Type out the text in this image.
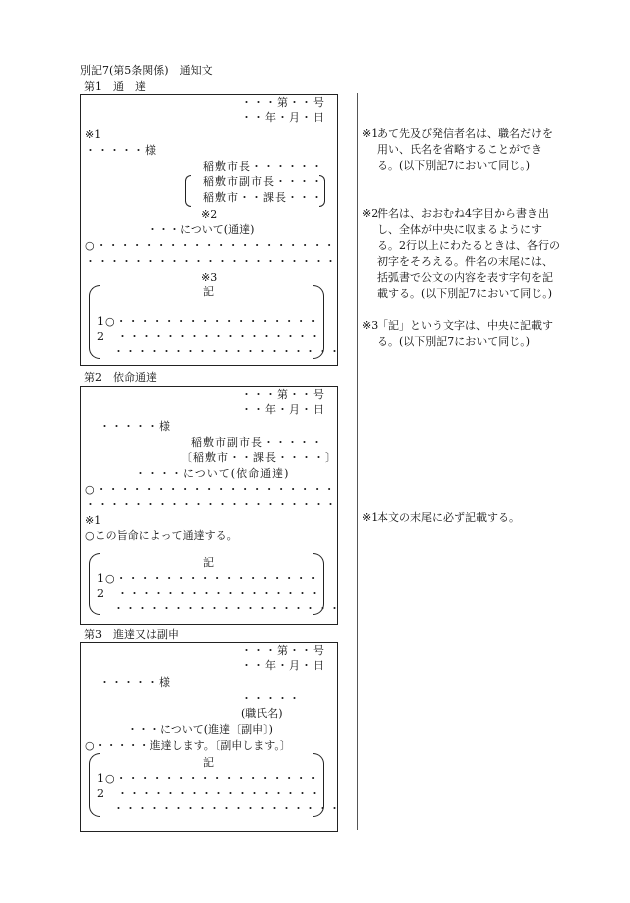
別記7(第5条関係)　通知文
第1　通　達
・・・第・・号
・・年・月・日
※1
・・・・・様
稲敷市長・・・・・・
稲敷市副市長・・・・
稲敷市・・課長・・・
※2
・・・について(通達)
○・・・・・・・・・・・・・・・・・・・・
・・・・・・・・・・・・・・・・・・・・・
※3
記
1○・・・・・・・・・・・・・・・・・
2　・・・・・・・・・・・・・・・・・
・・・・・・・・・・・・・・・・・・・
第2　依命通達
・・・第・・号
・・年・月・日
・・・・・様
稲敷市副市長・・・・・
〔稲敷市・・課長・・・・〕
・・・・について(依命通達)
○・・・・・・・・・・・・・・・・・・・・
・・・・・・・・・・・・・・・・・・・・・
※1
○この旨命によって通達する。
記
1○・・・・・・・・・・・・・・・・・
2　・・・・・・・・・・・・・・・・・
・・・・・・・・・・・・・・・・・・・
第3　進達又は副申
・・・第・・号
・・年・月・日
・・・・・様
・・・・・
(職氏名)
・・・について(進達〔副申〕)
○・・・・・進達します。〔副申します。〕
記
1○・・・・・・・・・・・・・・・・・
2　・・・・・・・・・・・・・・・・・
・・・・・・・・・・・・・・・・・・・
※1
あて先及び発信者名は、職名だけを用い、氏名を省略することができる。(以下別記7において同じ。)
※2
件名は、おおむね4字目から書き出し、全体が中央に収まるようにする。2行以上にわたるときは、各行の初字をそろえる。件名の末尾には、括弧書で公文の内容を表す字句を記載する。(以下別記7において同じ。)
※3
「記」という文字は、中央に記載する。(以下別記7において同じ。)
※1
本文の末尾に必ず記載する。
